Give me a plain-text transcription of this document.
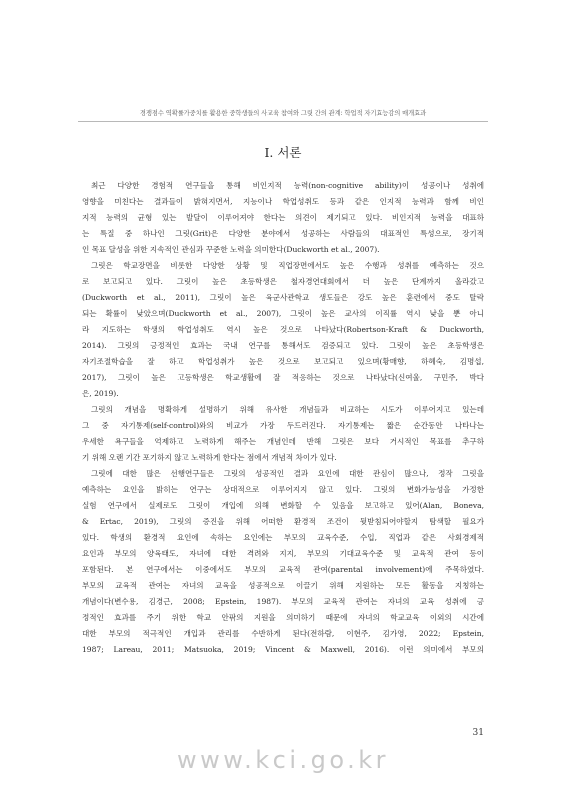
경쟁점수 역확률가중치를 활용한 중학생들의 사교육 참여와 그릿 간의 관계: 학업적 자기효능감의 매개효과
Ⅰ. 서론
최근 다양한 경험적 연구들을 통해 비인지적 능력(non-cognitive ability)이 성공이나 성취에
영향을 미친다는 결과들이 밝혀지면서, 지능이나 학업성취도 등과 같은 인지적 능력과 함께 비인
지적 능력의 균형 있는 발달이 이루어져야 한다는 의견이 제기되고 있다. 비인지적 능력을 대표하
는 특질 중 하나인 그릿(Grit)은 다양한 분야에서 성공하는 사람들의 대표적인 특성으로, 장기적
인 목표 달성을 위한 지속적인 관심과 꾸준한 노력을 의미한다(Duckworth et al., 2007).
그릿은 학교장면을 비롯한 다양한 상황 및 직업장면에서도 높은 수행과 성취를 예측하는 것으
로 보고되고 있다. 그릿이 높은 초등학생은 철자경연대회에서 더 높은 단계까지 올라갔고
(Duckworth et al., 2011), 그릿이 높은 육군사관학교 생도들은 강도 높은 훈련에서 중도 탈락
되는 확률이 낮았으며(Duckworth et al., 2007), 그릿이 높은 교사의 이직률 역시 낮을 뿐 아니
라 지도하는 학생의 학업성취도 역시 높은 것으로 나타났다(Robertson-Kraft & Duckworth,
2014). 그릿의 긍정적인 효과는 국내 연구를 통해서도 검증되고 있다. 그릿이 높은 초등학생은
자기조절학습을 잘 하고 학업성취가 높은 것으로 보고되고 있으며(황매향, 하혜숙, 김명섭,
2017), 그릿이 높은 고등학생은 학교생활에 잘 적응하는 것으로 나타났다(신여울, 구민주, 박다
은, 2019).
그릿의 개념을 명확하게 설명하기 위해 유사한 개념들과 비교하는 시도가 이루어지고 있는데
그 중 자기통제(self-control)와의 비교가 가장 두드러진다. 자기통제는 짧은 순간동안 나타나는
우세한 욕구들을 억제하고 노력하게 해주는 개념인데 반해 그릿은 보다 거시적인 목표를 추구하
기 위해 오랜 기간 포기하지 않고 노력하게 한다는 점에서 개념적 차이가 있다.
그릿에 대한 많은 선행연구들은 그릿의 성공적인 결과 요인에 대한 관심이 많으나, 정작 그릿을
예측하는 요인을 밝히는 연구는 상대적으로 이루어지지 않고 있다. 그릿의 변화가능성을 가정한
실험 연구에서 실제로도 그릿이 개입에 의해 변화할 수 있음을 보고하고 있어(Alan, Boneva,
& Ertac, 2019), 그릿의 증진을 위해 어떠한 환경적 조건이 뒷받침되어야할지 탐색할 필요가
있다. 학생의 환경적 요인에 속하는 요인에는 부모의 교육수준, 수입, 직업과 같은 사회경제적
요인과 부모의 양육태도, 자녀에 대한 격려와 지지, 부모의 기대교육수준 및 교육적 관여 등이
포함된다. 본 연구에서는 이중에서도 부모의 교육적 관여(parental involvement)에 주목하였다.
부모의 교육적 관여는 자녀의 교육을 성공적으로 이끌기 위해 지원하는 모든 활동을 지칭하는
개념이다(변수용, 김경근, 2008; Epstein, 1987). 부모의 교육적 관여는 자녀의 교육 성취에 긍
정적인 효과를 주기 위한 학교 안팎의 지원을 의미하기 때문에 자녀의 학교교육 이외의 시간에
대한 부모의 적극적인 개입과 관리를 수반하게 된다(전하람, 이현주, 김가영, 2022; Epstein,
1987; Lareau, 2011; Matsuoka, 2019; Vincent & Maxwell, 2016). 이런 의미에서 부모의
31
www.kci.go.kr
